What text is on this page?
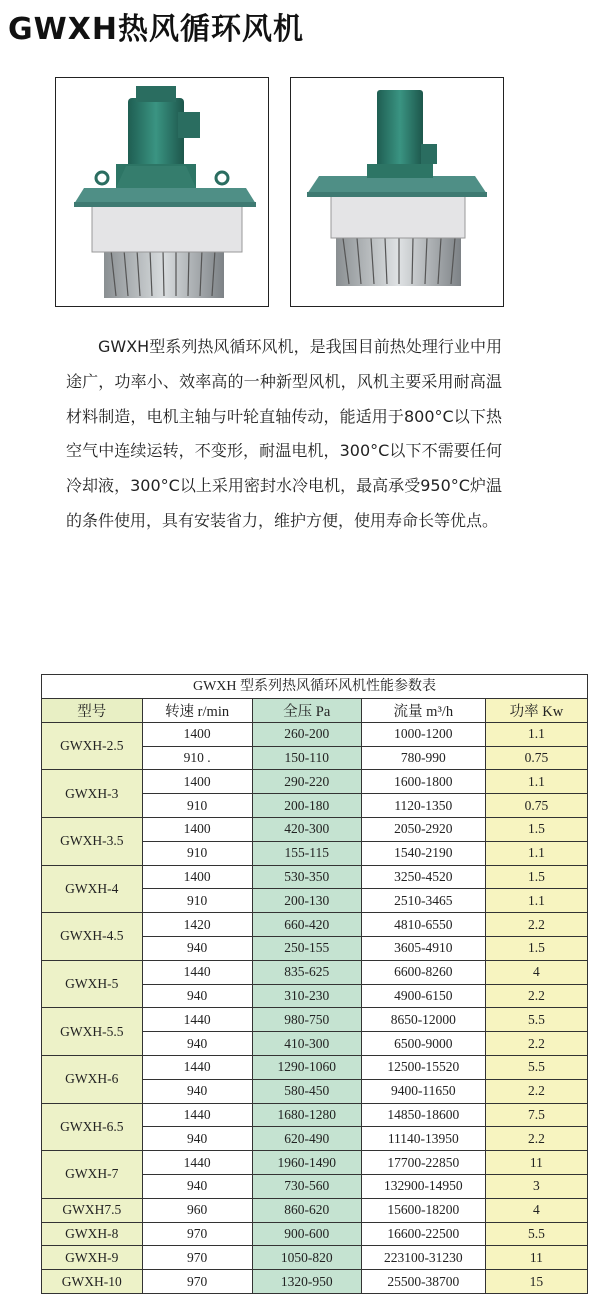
GWXH热风循环风机

GWXH型系列热风循环风机，是我国目前热处理行业中用途广，功率小、效率高的一种新型风机，风机主要采用耐高温材料制造，电机主轴与叶轮直轴传动，能适用于800°C以下热空气中连续运转，不变形，耐温电机，300°C以下不需要任何冷却液，300°C以上采用密封水冷电机，最高承受950°C炉温的条件使用，具有安装省力，维护方便，使用寿命长等优点。

GWXH 型系列热风循环风机性能参数表
型号	转速 r/min	全压 Pa	流量 m³/h	功率 Kw
GWXH-2.5	1400	260-200	1000-1200	1.1
	910 .	150-110	780-990	0.75
GWXH-3	1400	290-220	1600-1800	1.1
	910	200-180	1120-1350	0.75
GWXH-3.5	1400	420-300	2050-2920	1.5
	910	155-115	1540-2190	1.1
GWXH-4	1400	530-350	3250-4520	1.5
	910	200-130	2510-3465	1.1
GWXH-4.5	1420	660-420	4810-6550	2.2
	940	250-155	3605-4910	1.5
GWXH-5	1440	835-625	6600-8260	4
	940	310-230	4900-6150	2.2
GWXH-5.5	1440	980-750	8650-12000	5.5
	940	410-300	6500-9000	2.2
GWXH-6	1440	1290-1060	12500-15520	5.5
	940	580-450	9400-11650	2.2
GWXH-6.5	1440	1680-1280	14850-18600	7.5
	940	620-490	11140-13950	2.2
GWXH-7	1440	1960-1490	17700-22850	11
	940	730-560	132900-14950	3
GWXH7.5	960	860-620	15600-18200	4
GWXH-8	970	900-600	16600-22500	5.5
GWXH-9	970	1050-820	223100-31230	11
GWXH-10	970	1320-950	25500-38700	15
